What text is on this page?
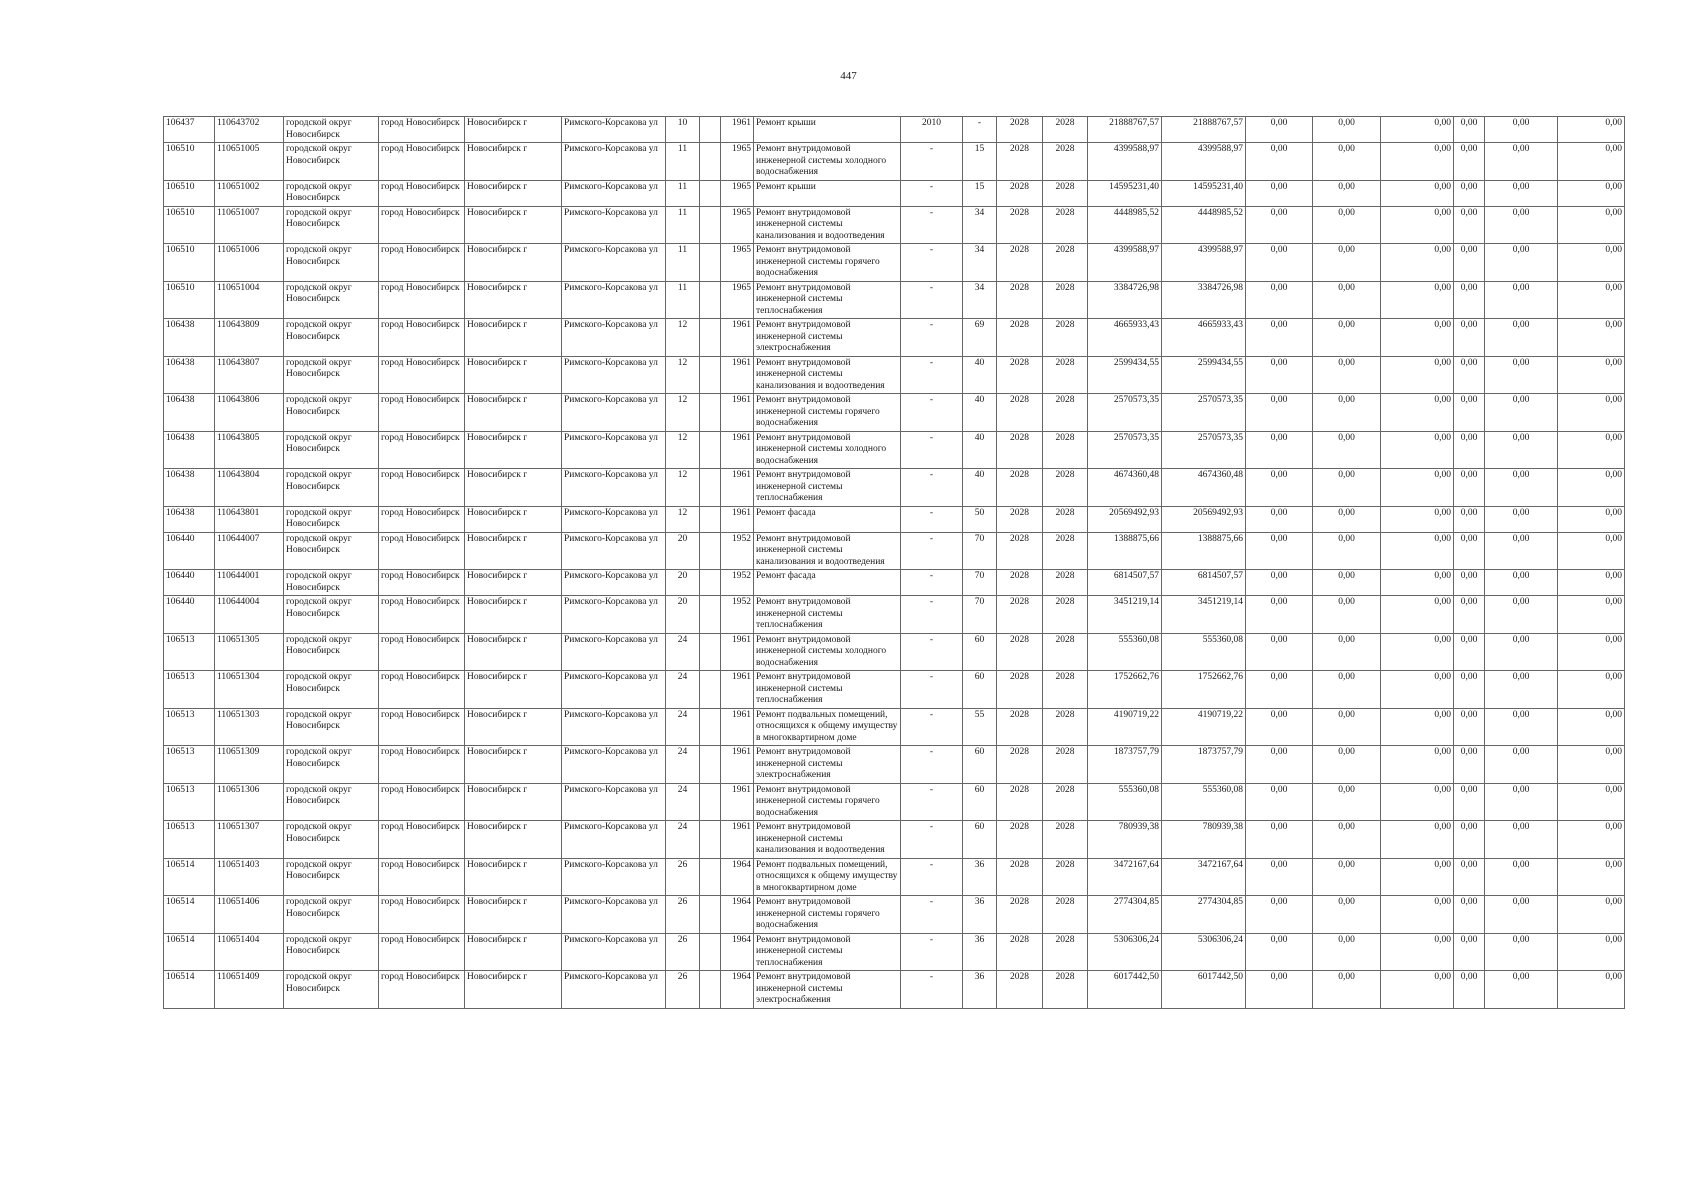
447
106437	110643702	городской округ Новосибирск	город Новосибирск	Новосибирск г	Римского-Корсакова ул	10		1961	Ремонт крыши	2010	-	2028	2028	21888767,57	21888767,57	0,00	0,00	0,00	0,00	0,00	0,00
106510	110651005	городской округ Новосибирск	город Новосибирск	Новосибирск г	Римского-Корсакова ул	11		1965	Ремонт внутридомовой инженерной системы холодного водоснабжения	-	15	2028	2028	4399588,97	4399588,97	0,00	0,00	0,00	0,00	0,00	0,00
106510	110651002	городской округ Новосибирск	город Новосибирск	Новосибирск г	Римского-Корсакова ул	11		1965	Ремонт крыши	-	15	2028	2028	14595231,40	14595231,40	0,00	0,00	0,00	0,00	0,00	0,00
106510	110651007	городской округ Новосибирск	город Новосибирск	Новосибирск г	Римского-Корсакова ул	11		1965	Ремонт внутридомовой инженерной системы канализования и водоотведения	-	34	2028	2028	4448985,52	4448985,52	0,00	0,00	0,00	0,00	0,00	0,00
106510	110651006	городской округ Новосибирск	город Новосибирск	Новосибирск г	Римского-Корсакова ул	11		1965	Ремонт внутридомовой инженерной системы горячего водоснабжения	-	34	2028	2028	4399588,97	4399588,97	0,00	0,00	0,00	0,00	0,00	0,00
106510	110651004	городской округ Новосибирск	город Новосибирск	Новосибирск г	Римского-Корсакова ул	11		1965	Ремонт внутридомовой инженерной системы теплоснабжения	-	34	2028	2028	3384726,98	3384726,98	0,00	0,00	0,00	0,00	0,00	0,00
106438	110643809	городской округ Новосибирск	город Новосибирск	Новосибирск г	Римского-Корсакова ул	12		1961	Ремонт внутридомовой инженерной системы электроснабжения	-	69	2028	2028	4665933,43	4665933,43	0,00	0,00	0,00	0,00	0,00	0,00
106438	110643807	городской округ Новосибирск	город Новосибирск	Новосибирск г	Римского-Корсакова ул	12		1961	Ремонт внутридомовой инженерной системы канализования и водоотведения	-	40	2028	2028	2599434,55	2599434,55	0,00	0,00	0,00	0,00	0,00	0,00
106438	110643806	городской округ Новосибирск	город Новосибирск	Новосибирск г	Римского-Корсакова ул	12		1961	Ремонт внутридомовой инженерной системы горячего водоснабжения	-	40	2028	2028	2570573,35	2570573,35	0,00	0,00	0,00	0,00	0,00	0,00
106438	110643805	городской округ Новосибирск	город Новосибирск	Новосибирск г	Римского-Корсакова ул	12		1961	Ремонт внутридомовой инженерной системы холодного водоснабжения	-	40	2028	2028	2570573,35	2570573,35	0,00	0,00	0,00	0,00	0,00	0,00
106438	110643804	городской округ Новосибирск	город Новосибирск	Новосибирск г	Римского-Корсакова ул	12		1961	Ремонт внутридомовой инженерной системы теплоснабжения	-	40	2028	2028	4674360,48	4674360,48	0,00	0,00	0,00	0,00	0,00	0,00
106438	110643801	городской округ Новосибирск	город Новосибирск	Новосибирск г	Римского-Корсакова ул	12		1961	Ремонт фасада	-	50	2028	2028	20569492,93	20569492,93	0,00	0,00	0,00	0,00	0,00	0,00
106440	110644007	городской округ Новосибирск	город Новосибирск	Новосибирск г	Римского-Корсакова ул	20		1952	Ремонт внутридомовой инженерной системы канализования и водоотведения	-	70	2028	2028	1388875,66	1388875,66	0,00	0,00	0,00	0,00	0,00	0,00
106440	110644001	городской округ Новосибирск	город Новосибирск	Новосибирск г	Римского-Корсакова ул	20		1952	Ремонт фасада	-	70	2028	2028	6814507,57	6814507,57	0,00	0,00	0,00	0,00	0,00	0,00
106440	110644004	городской округ Новосибирск	город Новосибирск	Новосибирск г	Римского-Корсакова ул	20		1952	Ремонт внутридомовой инженерной системы теплоснабжения	-	70	2028	2028	3451219,14	3451219,14	0,00	0,00	0,00	0,00	0,00	0,00
106513	110651305	городской округ Новосибирск	город Новосибирск	Новосибирск г	Римского-Корсакова ул	24		1961	Ремонт внутридомовой инженерной системы холодного водоснабжения	-	60	2028	2028	555360,08	555360,08	0,00	0,00	0,00	0,00	0,00	0,00
106513	110651304	городской округ Новосибирск	город Новосибирск	Новосибирск г	Римского-Корсакова ул	24		1961	Ремонт внутридомовой инженерной системы теплоснабжения	-	60	2028	2028	1752662,76	1752662,76	0,00	0,00	0,00	0,00	0,00	0,00
106513	110651303	городской округ Новосибирск	город Новосибирск	Новосибирск г	Римского-Корсакова ул	24		1961	Ремонт подвальных помещений, относящихся к общему имуществу в многоквартирном доме	-	55	2028	2028	4190719,22	4190719,22	0,00	0,00	0,00	0,00	0,00	0,00
106513	110651309	городской округ Новосибирск	город Новосибирск	Новосибирск г	Римского-Корсакова ул	24		1961	Ремонт внутридомовой инженерной системы электроснабжения	-	60	2028	2028	1873757,79	1873757,79	0,00	0,00	0,00	0,00	0,00	0,00
106513	110651306	городской округ Новосибирск	город Новосибирск	Новосибирск г	Римского-Корсакова ул	24		1961	Ремонт внутридомовой инженерной системы горячего водоснабжения	-	60	2028	2028	555360,08	555360,08	0,00	0,00	0,00	0,00	0,00	0,00
106513	110651307	городской округ Новосибирск	город Новосибирск	Новосибирск г	Римского-Корсакова ул	24		1961	Ремонт внутридомовой инженерной системы канализования и водоотведения	-	60	2028	2028	780939,38	780939,38	0,00	0,00	0,00	0,00	0,00	0,00
106514	110651403	городской округ Новосибирск	город Новосибирск	Новосибирск г	Римского-Корсакова ул	26		1964	Ремонт подвальных помещений, относящихся к общему имуществу в многоквартирном доме	-	36	2028	2028	3472167,64	3472167,64	0,00	0,00	0,00	0,00	0,00	0,00
106514	110651406	городской округ Новосибирск	город Новосибирск	Новосибирск г	Римского-Корсакова ул	26		1964	Ремонт внутридомовой инженерной системы горячего водоснабжения	-	36	2028	2028	2774304,85	2774304,85	0,00	0,00	0,00	0,00	0,00	0,00
106514	110651404	городской округ Новосибирск	город Новосибирск	Новосибирск г	Римского-Корсакова ул	26		1964	Ремонт внутридомовой инженерной системы теплоснабжения	-	36	2028	2028	5306306,24	5306306,24	0,00	0,00	0,00	0,00	0,00	0,00
106514	110651409	городской округ Новосибирск	город Новосибирск	Новосибирск г	Римского-Корсакова ул	26		1964	Ремонт внутридомовой инженерной системы электроснабжения	-	36	2028	2028	6017442,50	6017442,50	0,00	0,00	0,00	0,00	0,00	0,00
